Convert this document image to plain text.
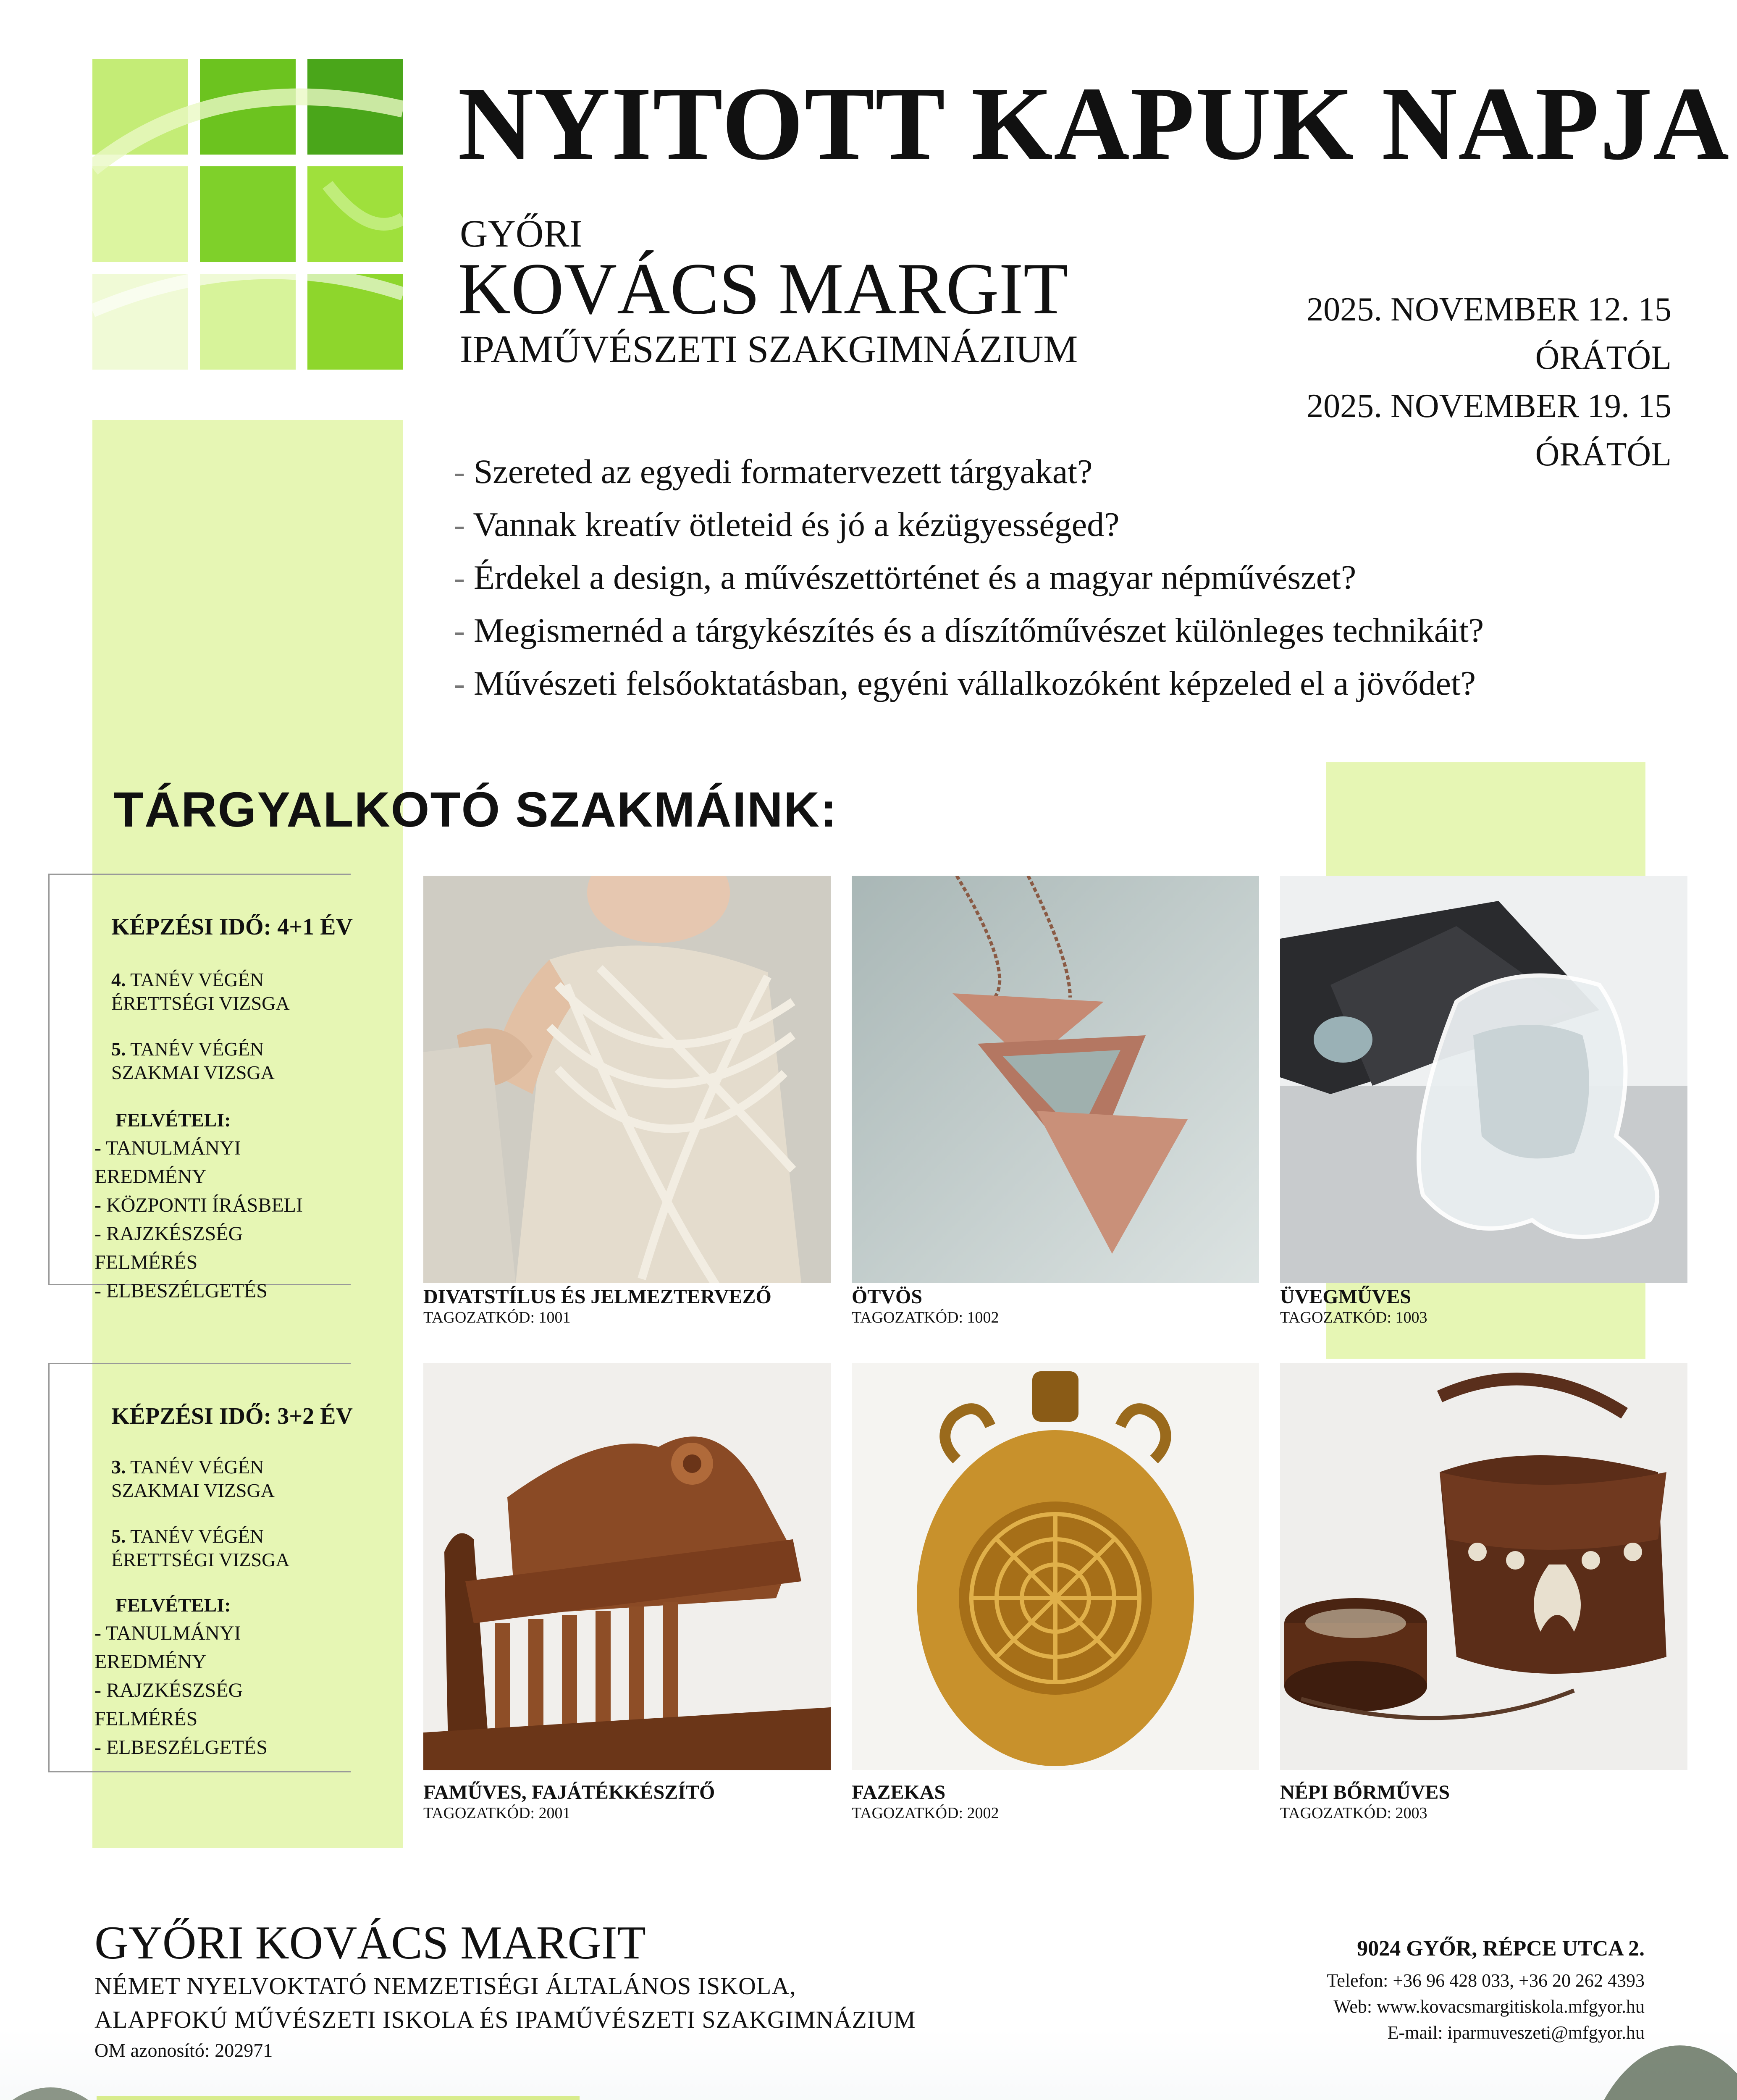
NYITOTT KAPUK NAPJA
GYŐRI
KOVÁCS MARGIT
IPAMŰVÉSZETI SZAKGIMNÁZIUM
2025. NOVEMBER 12. 15 ÓRÁTÓL
2025. NOVEMBER 19. 15 ÓRÁTÓL
- Szereted az egyedi formatervezett tárgyakat?
- Vannak kreatív ötleteid és jó a kézügyességed?
- Érdekel a design, a művészettörténet és a magyar népművészet?
- Megismernéd a tárgykészítés és a díszítőművészet különleges technikáit?
- Művészeti felsőoktatásban, egyéni vállalkozóként képzeled el a jövődet?
TÁRGYALKOTÓ SZAKMÁINK:
KÉPZÉSI IDŐ: 4+1 ÉV
4. TANÉV VÉGÉN
ÉRETTSÉGI VIZSGA
5. TANÉV VÉGÉN
SZAKMAI VIZSGA
FELVÉTELI:
- TANULMÁNYI EREDMÉNY
- KÖZPONTI ÍRÁSBELI
- RAJZKÉSZSÉG FELMÉRÉS
- ELBESZÉLGETÉS
KÉPZÉSI IDŐ: 3+2 ÉV
3. TANÉV VÉGÉN
SZAKMAI VIZSGA
5. TANÉV VÉGÉN
ÉRETTSÉGI VIZSGA
FELVÉTELI:
- TANULMÁNYI EREDMÉNY
- RAJZKÉSZSÉG FELMÉRÉS
- ELBESZÉLGETÉS
DIVATSTÍLUS ÉS JELMEZTERVEZŐ
TAGOZATKÓD: 1001
ÖTVÖS
TAGOZATKÓD: 1002
ÜVEGMŰVES
TAGOZATKÓD: 1003
FAMŰVES, FAJÁTÉKKÉSZÍTŐ
TAGOZATKÓD: 2001
FAZEKAS
TAGOZATKÓD: 2002
NÉPI BŐRMŰVES
TAGOZATKÓD: 2003
GYŐRI KOVÁCS MARGIT
NÉMET NYELVOKTATÓ NEMZETISÉGI ÁLTALÁNOS ISKOLA,
ALAPFOKÚ MŰVÉSZETI ISKOLA ÉS IPAMŰVÉSZETI SZAKGIMNÁZIUM
OM azonosító: 202971
9024 GYŐR, RÉPCE UTCA 2.
Telefon: +36 96 428 033, +36 20 262 4393
Web: www.kovacsmargitiskola.mfgyor.hu
E-mail: iparmuveszeti@mfgyor.hu
